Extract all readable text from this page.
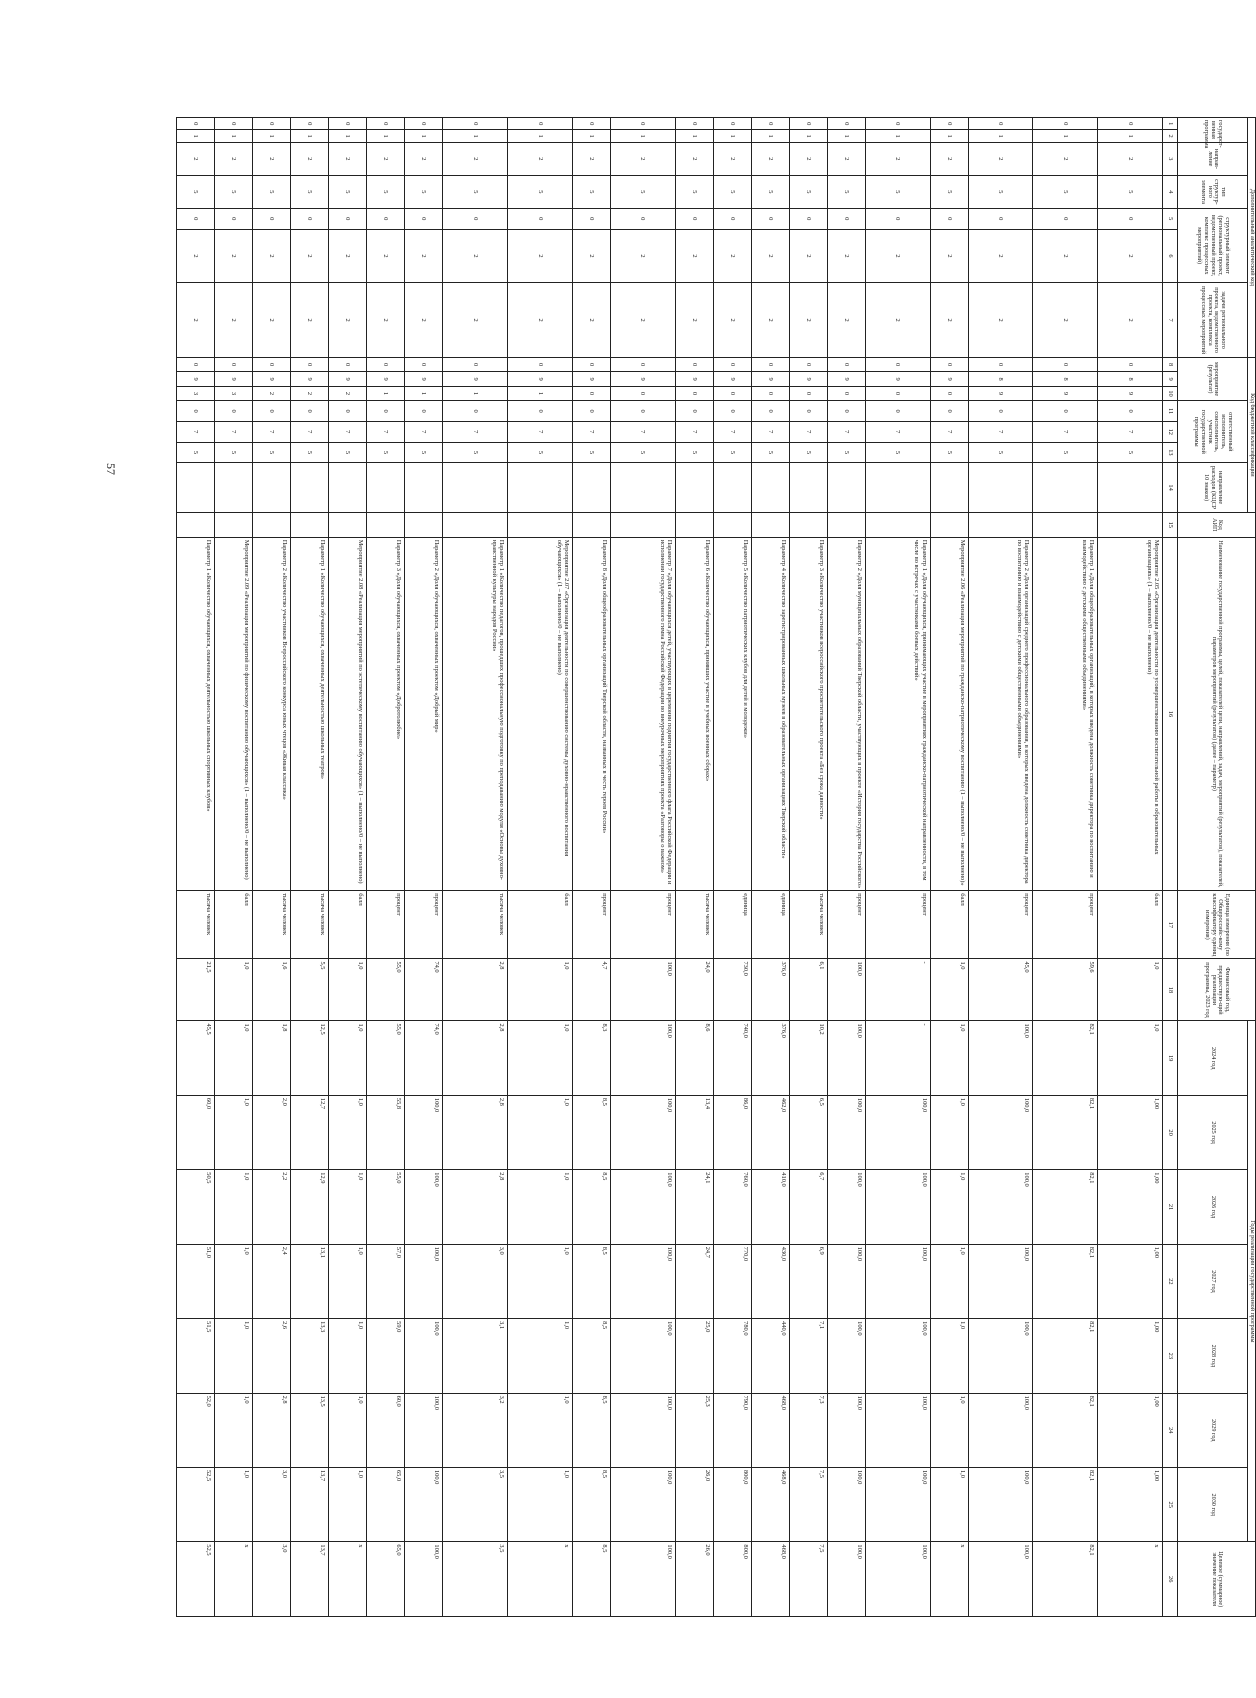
57
Дополнительный аналитический код							Код бюджетной классификации							Код АИП	Наименование государственной программы, целей, показателей цели, направлений, задач, мероприятий (результатов), показателей, параметров мероприятий (результатов) (далее – параметр)	Единица измерения (по Общероссийс-кому классификатору единиц измерения)	Финансовый год, предшествую-щий реализации программы, 2023 год	Годы реализации государственной программы							Целевое (суммарное) значение показателя
государст-венная программа		направ-ление	тип структур-ного элемента	структурный элемент (региональный проект, ведомственный проект, комплекс процессных мероприятий)		задачи регионального проекта, ведомственного проекта, комплекса процессных мероприятий	мероприятие (результат)			ответственный исполнитель, соисполнитель, участник государственной программы			направление расходов (КЦСР 10 знаков)					2024 год	2025 год	2026 год	2027 год	2028 год	2029 год	2030 год	

1	2	3	4	5	6	7	8	9	10	11	12	13	14	15	16	17	18	19	20	21	22	23	24	25	26
0	1	2	5	0	2	2	0	8	9	0	7	5			Мероприятие 2.05 «Организация деятельности по усовершенствованию воспитательной работы в образовательных организациях» (1 – выполнено/0 – не выполнено)	балл	1,0	1,0	1,00	1,00	1,00	1,00	1,00	1,00	х
0	1	2	5	0	2	2	0	8	9	0	7	5			Параметр 1 «Доля общеобразовательных организаций, в которых введена должность советника директора по воспитанию и взаимодействию с детскими общественными объединениями»	процент	59,6	82,1	82,1	82,1	82,1	82,1	82,1	82,1	82,1
0	1	2	5	0	2	2	0	8	9	0	7	5			Параметр 2 «Доля организаций среднего профессионального образования, в которых введена должность советника директора по воспитанию и взаимодействию с детскими общественными объединениями»	процент	45,0	100,0	100,0	100,0	100,0	100,0	100,0	100,0	100,0
0	1	2	5	0	2	2	0	9	0	0	7	5			Мероприятие 2.06 «Реализация мероприятий по гражданско-патриотическому воспитанию (1 – выполнено/0 – не выполнено)»	балл	1,0	1,0	1,0	1,0	1,0	1,0	1,0	1,0	х
0	1	2	5	0	2	2	0	9	0	0	7	5			Параметр 1 «Доля обучающихся, принимающих участие в мероприятиях гражданско-патриотической направленности, в том числе во встречах с участниками боевых действий»	процент	-	-	100,0	100,0	100,0	100,0	100,0	100,0	100,0
0	1	2	5	0	2	2	0	9	0	0	7	5			Параметр 2 «Доля муниципальных образований Тверской области, участвующих в проекте «История государства Российского»	процент	100,0	100,0	100,0	100,0	100,0	100,0	100,0	100,0	100,0
0	1	2	5	0	2	2	0	9	0	0	7	5			Параметр 3 «Количество участников всероссийского просветительского проекта «Без срока давности»	тысяча человек	6,1	10,2	6,5	6,7	6,9	7,1	7,3	7,5	7,5
0	1	2	5	0	2	2	0	9	0	0	7	5			Параметр 4 «Количество зарегистрированных школьных музеев в образовательных организациях Тверской области»	единица	376,0	376,0	462,0	410,0	430,0	440,0	468,0	468,0	468,0
0	1	2	5	0	2	2	0	9	0	0	7	5			Параметр 5 «Количество патриотических клубов для детей и молодежи»	единица	730,0	740,0	86,0	760,0	770,0	780,0	790,0	800,0	800,0
0	1	2	5	0	2	2	0	9	0	0	7	5			Параметр 6 «Количество обучающихся, принявших участие в учебных военных сборах»	тысяча человек	24,0	8,6	13,4	24,1	24,7	25,0	25,3	26,0	26,0
0	1	2	5	0	2	2	0	9	0	0	7	5			Параметр 7 «Доля обучающихся детей, участвующих в церемонии поднятия государственного флага Российской Федерации и исполнении государственного гимна Российской Федерации во внеурочных мероприятиях проекта «Разговоры о важном»	процент	100,0	100,0	100,0	100,0	100,0	100,0	100,0	100,0	100,0
0	1	2	5	0	2	2	0	9	0	0	7	5			Параметр 8 «Доля общеобразовательных организаций Тверской области, названных в честь героев России»	процент	4,7	8,3	8,5	8,5	8,5	8,5	8,5	8,5	8,5
0	1	2	5	0	2	2	0	9	1	0	7	5			Мероприятие 2.07 «Организация деятельности по совершенствованию системы духовно-нравственного воспитания обучающихся» (1 – выполнено/0 – не выполнено)	балл	1,0	1,0	1,0	1,0	1,0	1,0	1,0	1,0	х
0	1	2	5	0	2	2	0	9	1	0	7	5			Параметр 1 «Количество педагогов, прошедших профессиональную подготовку по преподаванию модуля «Основы духовно-нравственной культуры народов России»	тысяча человек	2,8	2,8	2,8	2,8	3,0	3,1	3,2	3,5	3,5
0	1	2	5	0	2	2	0	9	1	0	7	5			Параметр 2 «Доля обучающихся, охваченных проектом «Добрый мир»	процент	74,0	74,0	100,0	100,0	100,0	100,0	100,0	100,0	100,0
0	1	2	5	0	2	2	0	9	1	0	7	5			Параметр 3 «Доля обучающихся, охваченных проектом «Добротолюбие»	процент	55,0	55,0	55,8	55,0	57,0	59,0	60,0	65,0	65,0
0	1	2	5	0	2	2	0	9	2	0	7	5			Мероприятие 2.08 «Реализация мероприятий по эстетическому воспитанию обучающихся» (1 – выполнено/0 – не выполнено)	балл	1,0	1,0	1,0	1,0	1,0	1,0	1,0	1,0	х
0	1	2	5	0	2	2	0	9	2	0	7	5			Параметр 1 «Количество обучающихся, охваченных деятельностью школьных театров»	тысяча человек	5,5	12,5	12,7	12,9	13,1	13,3	13,5	13,7	13,7
0	1	2	5	0	2	2	0	9	2	0	7	5			Параметр 2 «Количество участников Всероссийского конкурса юных чтецов «Живая классика»	тысяча человек	1,6	1,8	2,0	2,2	2,4	2,6	2,8	3,0	3,0
0	1	2	5	0	2	2	0	9	3	0	7	5			Мероприятие 2.09 «Реализация мероприятий по физическому воспитанию обучающихся» (1 – выполнено/0 – не выполнено)	балл	1,0	1,0	1,0	1,0	1,0	1,0	1,0	1,0	х
0	1	2	5	0	2	2	0	9	3	0	7	5			Параметр 1 «Количество обучающихся, охваченных деятельностью школьных спортивных клубов»	тысяча человек	21,5	45,5	60,0	50,5	51,0	51,5	52,0	52,5	52,5
